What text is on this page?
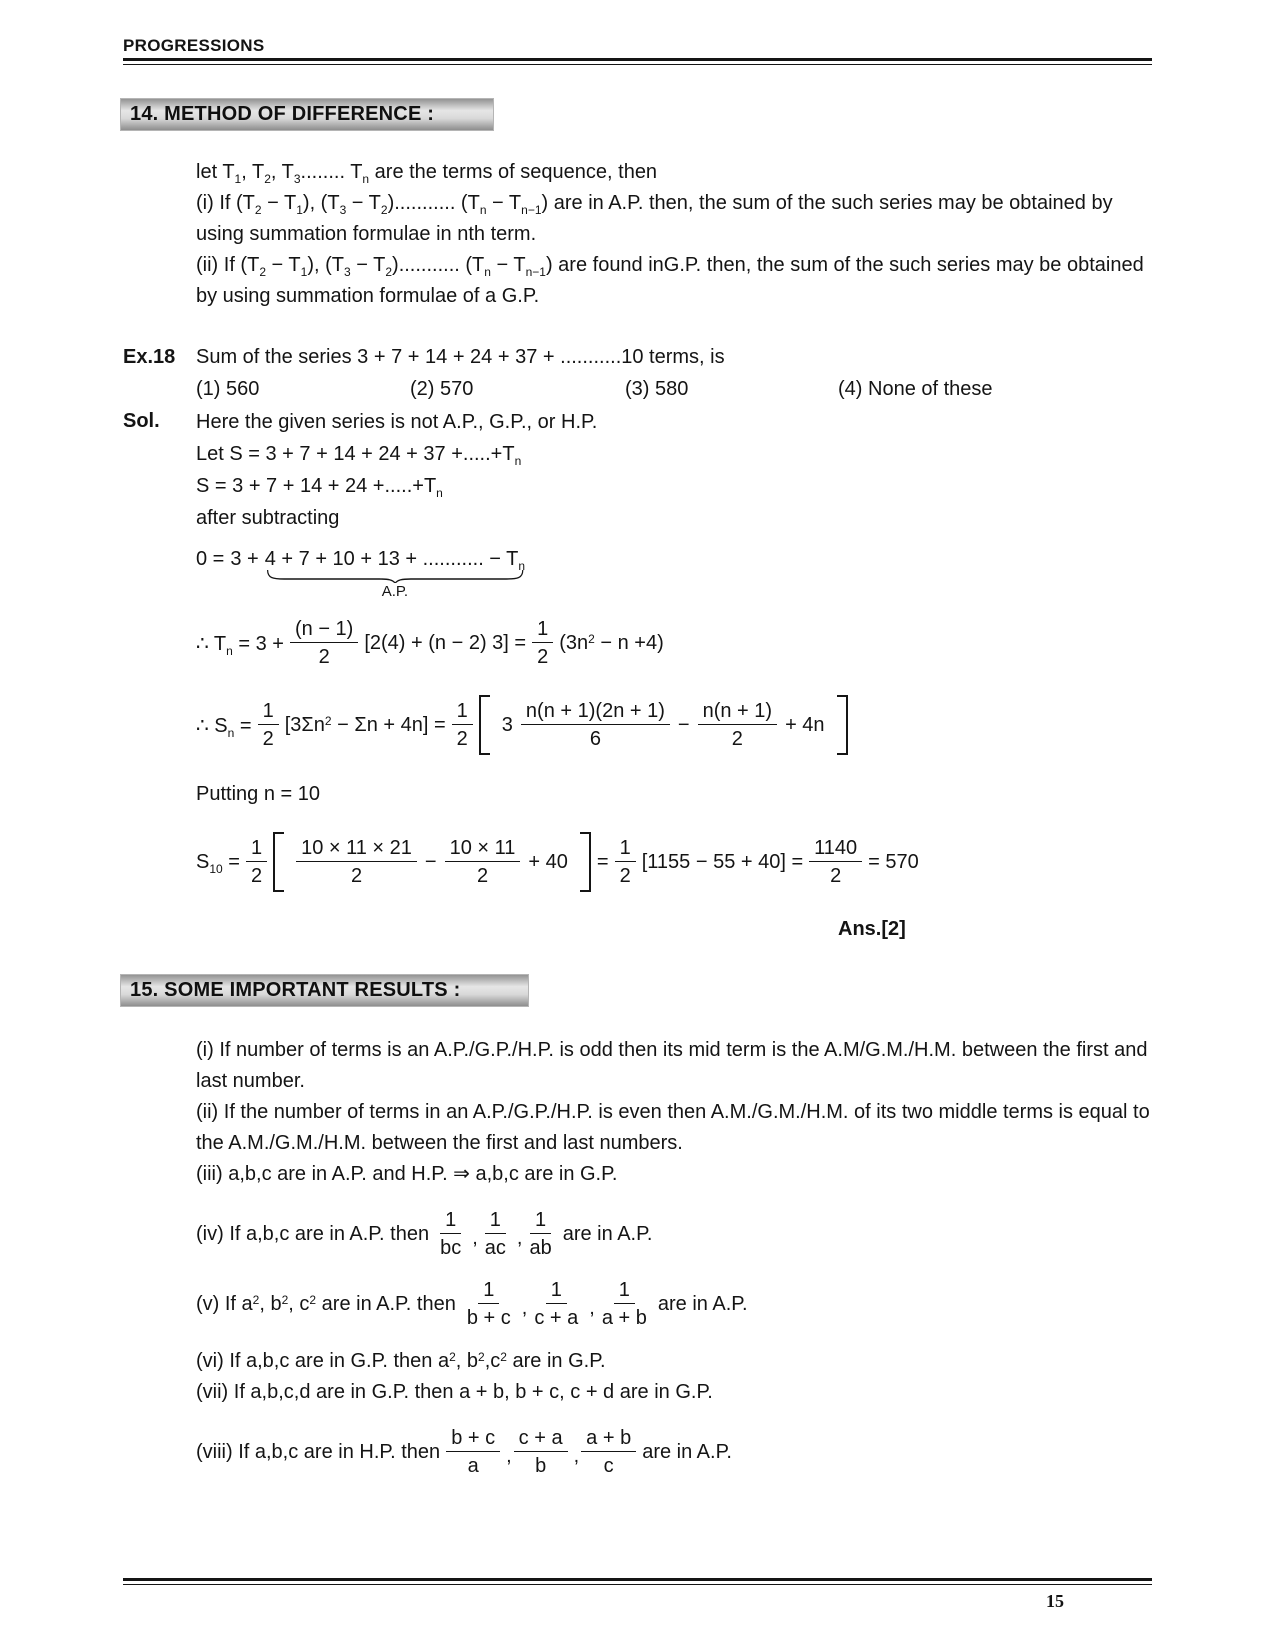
PROGRESSIONS
14. METHOD OF DIFFERENCE :
let $T_1$, $T_2$, $T_3$........ $T_n$ are the terms of sequence, then
(i) If $(T_2 - T_1)$, $(T_3 - T_2)$........... $(T_n - T_{n-1})$ are in A.P. then, the sum of the such series may be obtained by using summation formulae in nth term.
(ii) If $(T_2 - T_1)$, $(T_3 - T_2)$........... $(T_n - T_{n-1})$ are found inG.P. then, the sum of the such series may be obtained by using summation formulae of a G.P.
Ex.18	Sum of the series 3 + 7 + 14 + 24 + 37 + ...........10 terms, is
(1) 560	(2) 570	(3) 580	(4) None of these
Sol.	Here the given series is not A.P., G.P., or H.P.
Let $S = 3 + 7 + 14 + 24 + 37 +.....+T_n$
$S = 3 + 7 + 14 + 24 +.....+T_n$
after subtracting
0 = 3 + 4 + 7 + 10 + 13 + ........... − $T_n$
A.P.
∴ $T_n = 3 + \frac{(n - 1)}{2} [2(4) + (n - 2) 3] = \frac{1}{2} (3n^2 - n +4)$
∴ $S_n = \frac{1}{2} [3\Sigma n^2 - \Sigma n + 4n] = \frac{1}{2} 3 \frac{n(n + 1)(2n + 1)}{6} - \frac{n(n + 1)}{2} + 4n$
Putting n = 10
$S_{10} = \frac{1}{2} \frac{10 \times 11 \times 21}{2} - \frac{10 \times 11}{2} + 40 = \frac{1}{2} [1155 - 55 + 40] = \frac{1140}{2} = 570$
Ans.[2]
15. SOME IMPORTANT RESULTS :
(i) If number of terms is an A.P./G.P./H.P. is odd then its mid term is the A.M/G.M./H.M. between the first and last number.
(ii) If the number of terms in an A.P./G.P./H.P. is even then A.M./G.M./H.M. of its two middle terms is equal to the A.M./G.M./H.M. between the first and last numbers.
(iii) a,b,c are in A.P. and H.P. ⇒ a,b,c are in G.P.
(iv) If a,b,c are in A.P. then $\frac{1}{bc}$ , $\frac{1}{ac}$ , $\frac{1}{ab}$ are in A.P.
(v) If $a^2$, $b^2$, $c^2$ are in A.P. then $\frac{1}{b + c}$ , $\frac{1}{c + a}$ , $\frac{1}{a + b}$ are in A.P.
(vi) If a,b,c are in G.P. then $a^2$, $b^2,c^2$ are in G.P.
(vii) If a,b,c,d are in G.P. then a + b, b + c, c + d are in G.P.
(viii) If a,b,c are in H.P. then $\frac{b + c}{a}$ , $\frac{c + a}{b}$ , $\frac{a + b}{c}$ are in A.P.
15
